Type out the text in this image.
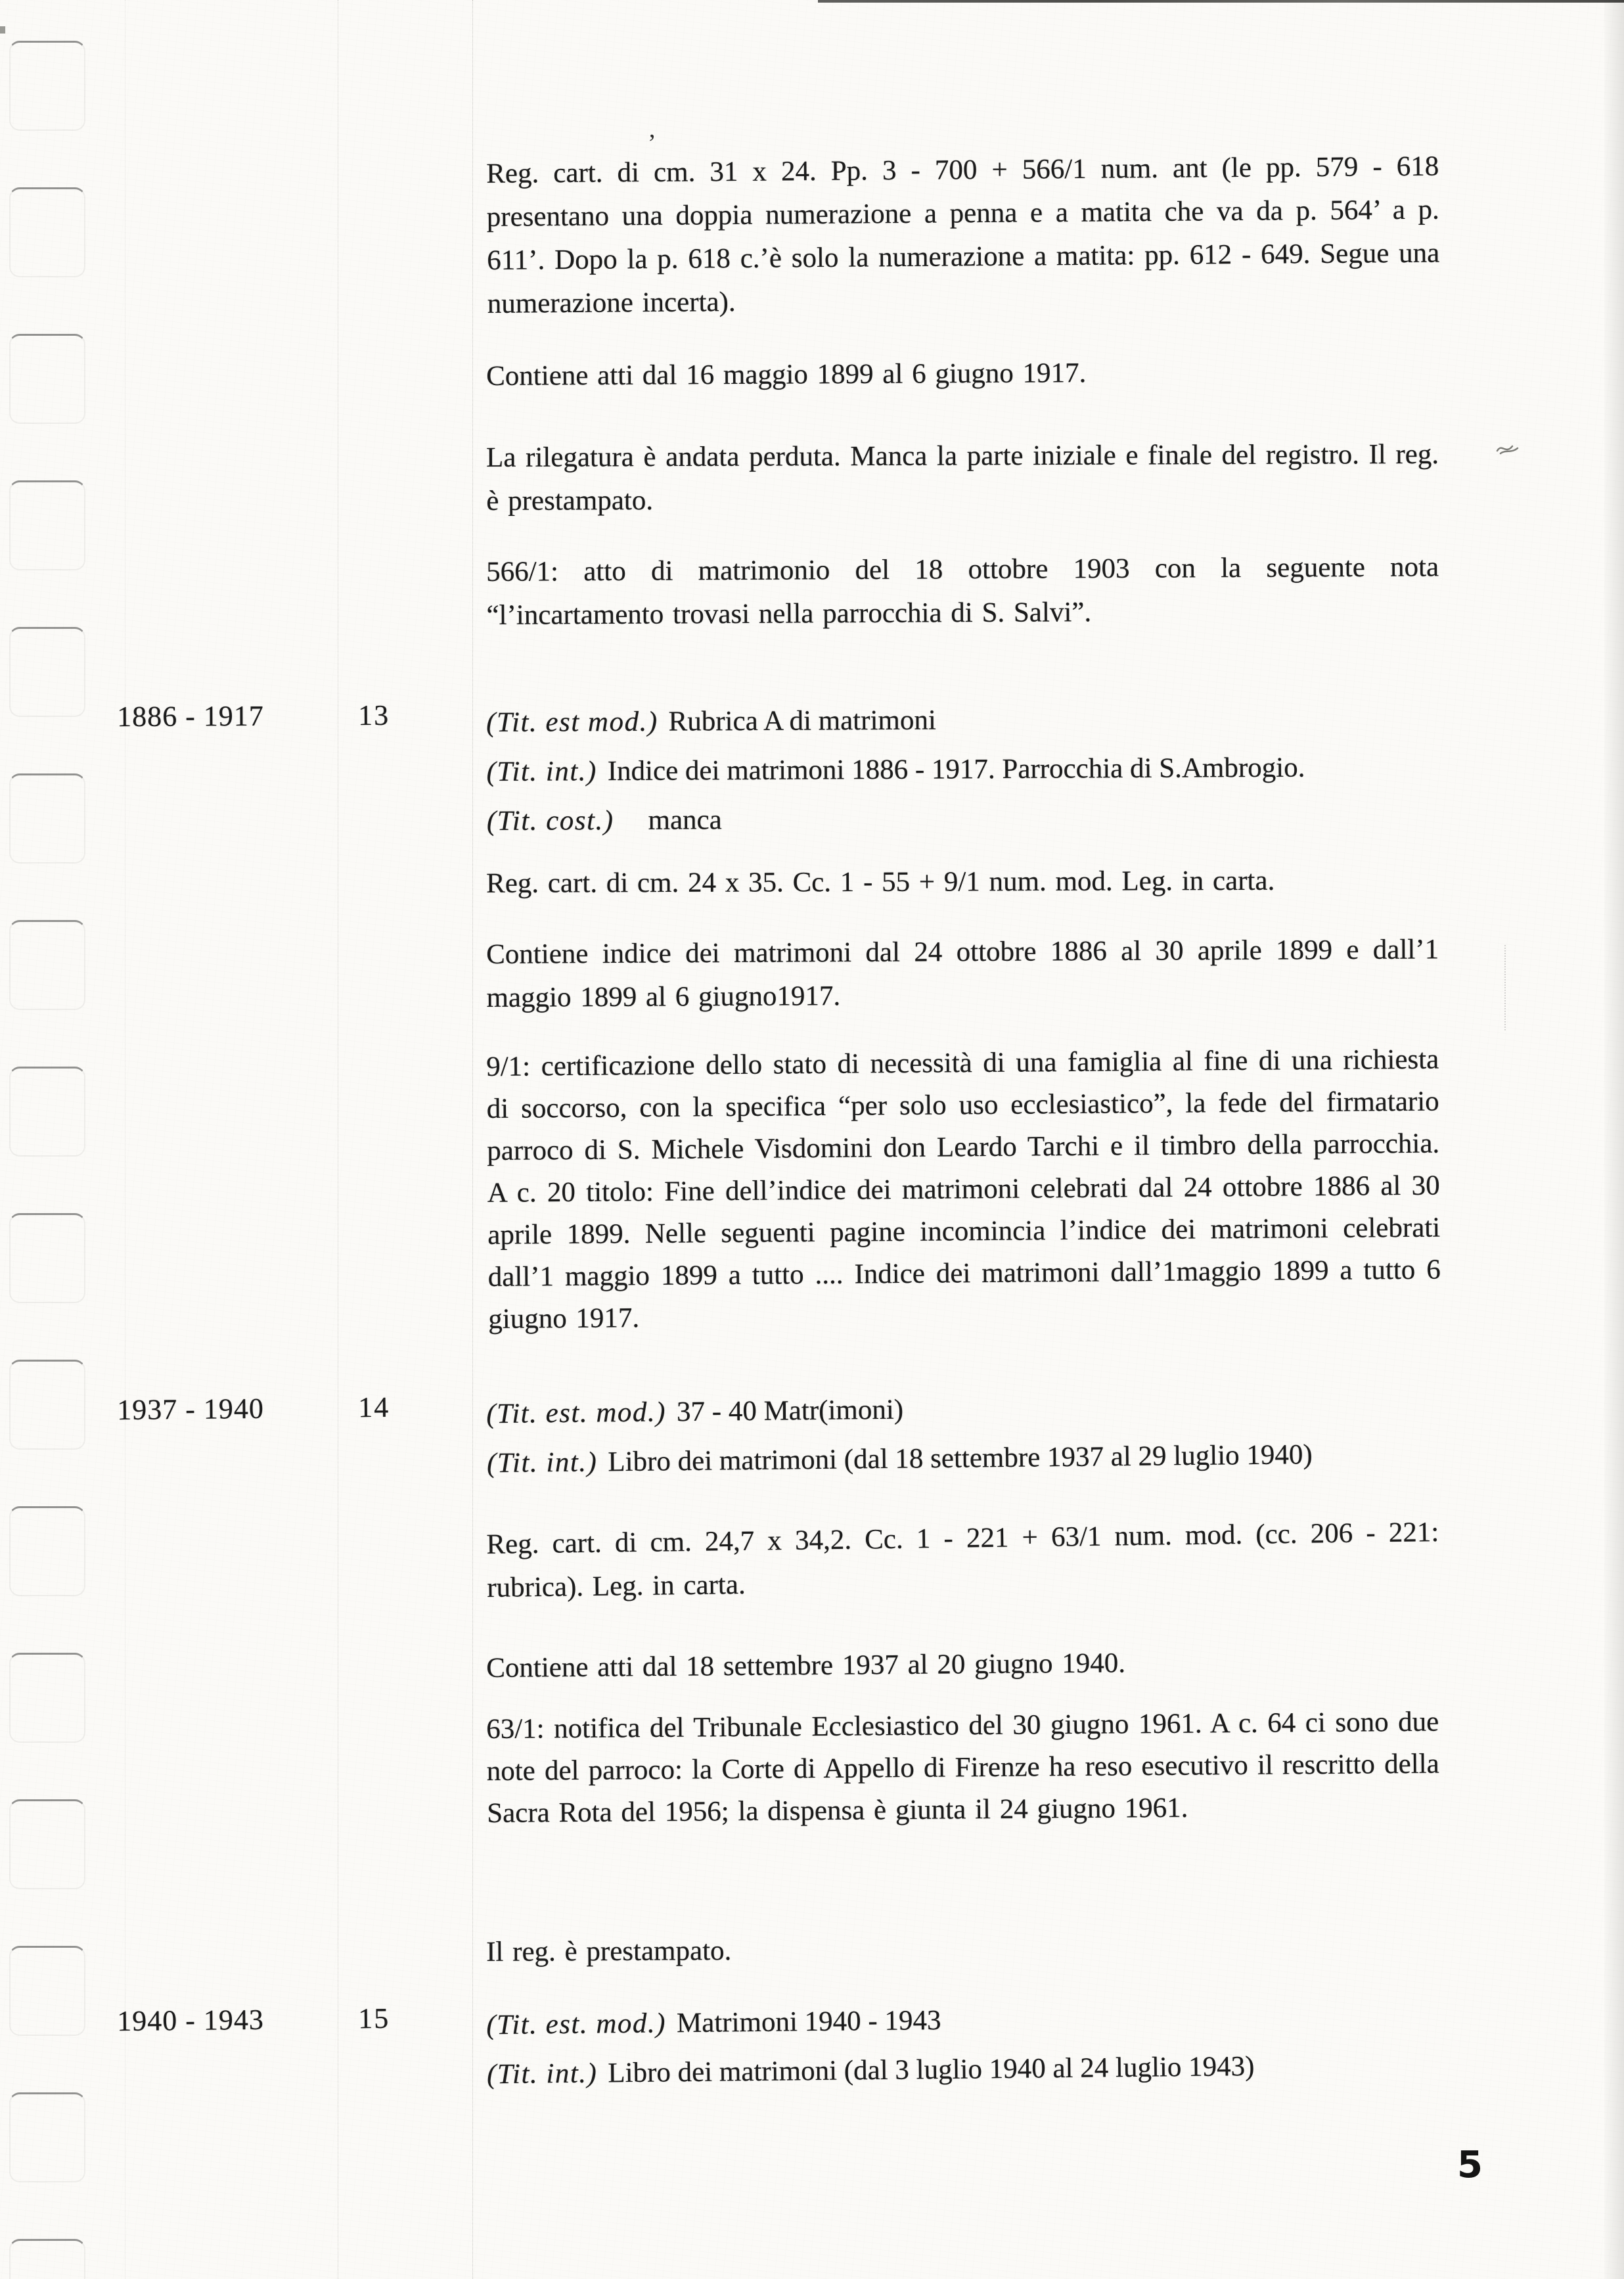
’
Reg. cart. di cm. 31 x 24. Pp. 3 - 700 + 566/1 num. ant (le pp. 579 - 618 presentano una doppia numerazione a penna e a matita che va da p. 564’ a p. 611’. Dopo la p. 618 c.’è solo la numerazione a matita: pp. 612 - 649. Segue una numerazione incerta).
Contiene atti dal 16 maggio 1899 al 6 giugno 1917.
La rilegatura è andata perduta. Manca la parte iniziale e finale del registro. Il reg. è prestampato.
566/1: atto di matrimonio del 18 ottobre 1903 con la seguente nota “l’incartamento trovasi nella parrocchia di S. Salvi”.
1886 - 1917	13	(Tit. est mod.) Rubrica A di matrimoni
(Tit. int.) Indice dei matrimoni 1886 - 1917. Parrocchia di S.Ambrogio.
(Tit. cost.) manca
Reg. cart. di cm. 24 x 35. Cc. 1 - 55 + 9/1 num. mod. Leg. in carta.
Contiene indice dei matrimoni dal 24 ottobre 1886 al 30 aprile 1899 e dall’1 maggio 1899 al 6 giugno1917.
9/1: certificazione dello stato di necessità di una famiglia al fine di una richiesta di soccorso, con la specifica “per solo uso ecclesiastico”, la fede del firmatario parroco di S. Michele Visdomini don Leardo Tarchi e il timbro della parrocchia. A c. 20 titolo: Fine dell’indice dei matrimoni celebrati dal 24 ottobre 1886 al 30 aprile 1899. Nelle seguenti pagine incomincia l’indice dei matrimoni celebrati dall’1 maggio 1899 a tutto .... Indice dei matrimoni dall’1maggio 1899 a tutto 6 giugno 1917.
1937 - 1940	14	(Tit. est. mod.) 37 - 40 Matr(imoni)
(Tit. int.) Libro dei matrimoni (dal 18 settembre 1937 al 29 luglio 1940)
Reg. cart. di cm. 24,7 x 34,2. Cc. 1 - 221 + 63/1 num. mod. (cc. 206 - 221: rubrica). Leg. in carta.
Contiene atti dal 18 settembre 1937 al 20 giugno 1940.
63/1: notifica del Tribunale Ecclesiastico del 30 giugno 1961. A c. 64 ci sono due note del parroco: la Corte di Appello di Firenze ha reso esecutivo il rescritto della Sacra Rota del 1956; la dispensa è giunta il 24 giugno 1961.
Il reg. è prestampato.
1940 - 1943	15	(Tit. est. mod.) Matrimoni 1940 - 1943
(Tit. int.) Libro dei matrimoni (dal 3 luglio 1940 al 24 luglio 1943)
5
